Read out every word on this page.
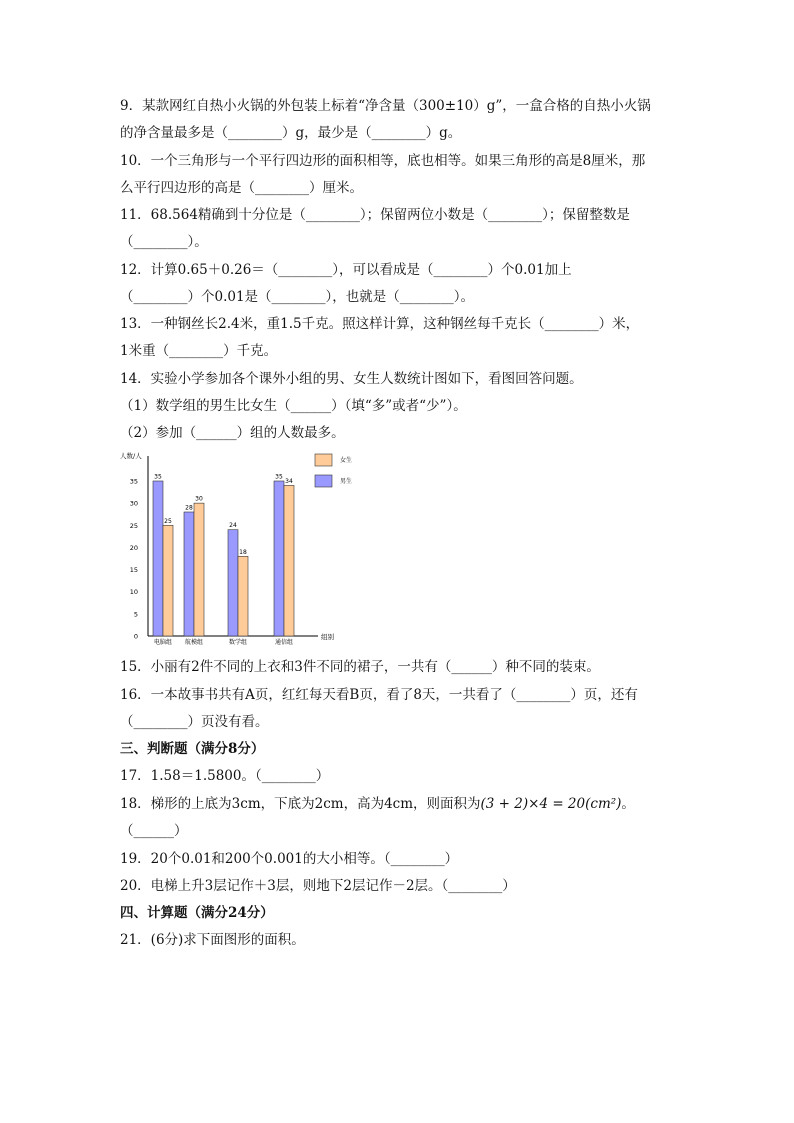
9．某款网红自热小火锅的外包装上标着“净含量（300±10）g”，一盒合格的自热小火锅
的净含量最多是（________）g，最少是（________）g。
10．一个三角形与一个平行四边形的面积相等，底也相等。如果三角形的高是8厘米，那
么平行四边形的高是（________）厘米。
11．68.564精确到十分位是（________）；保留两位小数是（________）；保留整数是
（________）。
12．计算0.65＋0.26＝（________），可以看成是（________）个0.01加上
（________）个0.01是（________），也就是（________）。
13．一种钢丝长2.4米，重1.5千克。照这样计算，这种钢丝每千克长（________）米，
1米重（________）千克。
14．实验小学参加各个课外小组的男、女生人数统计图如下，看图回答问题。
（1）数学组的男生比女生（______）（填“多”或者“少”）。
（2）参加（______）组的人数最多。
人数/人
组别
0
5
10
15
20
25
30
35
35
25
电脑组
28
30
航模组
24
18
数学组
35
34
通信组
女生
男生
15．小丽有2件不同的上衣和3件不同的裙子，一共有（______）种不同的装束。
16．一本故事书共有A页，红红每天看B页，看了8天，一共看了（________）页，还有
（________）页没有看。
三、判断题（满分8分）
17．1.58＝1.5800。（________）
18．梯形的上底为3cm，下底为2cm，高为4cm，则面积为(3 + 2)×4 = 20(cm²)。
（______）
19．20个0.01和200个0.001的大小相等。（________）
20．电梯上升3层记作＋3层，则地下2层记作－2层。（________）
四、计算题（满分24分）
21．(6分)求下面图形的面积。
